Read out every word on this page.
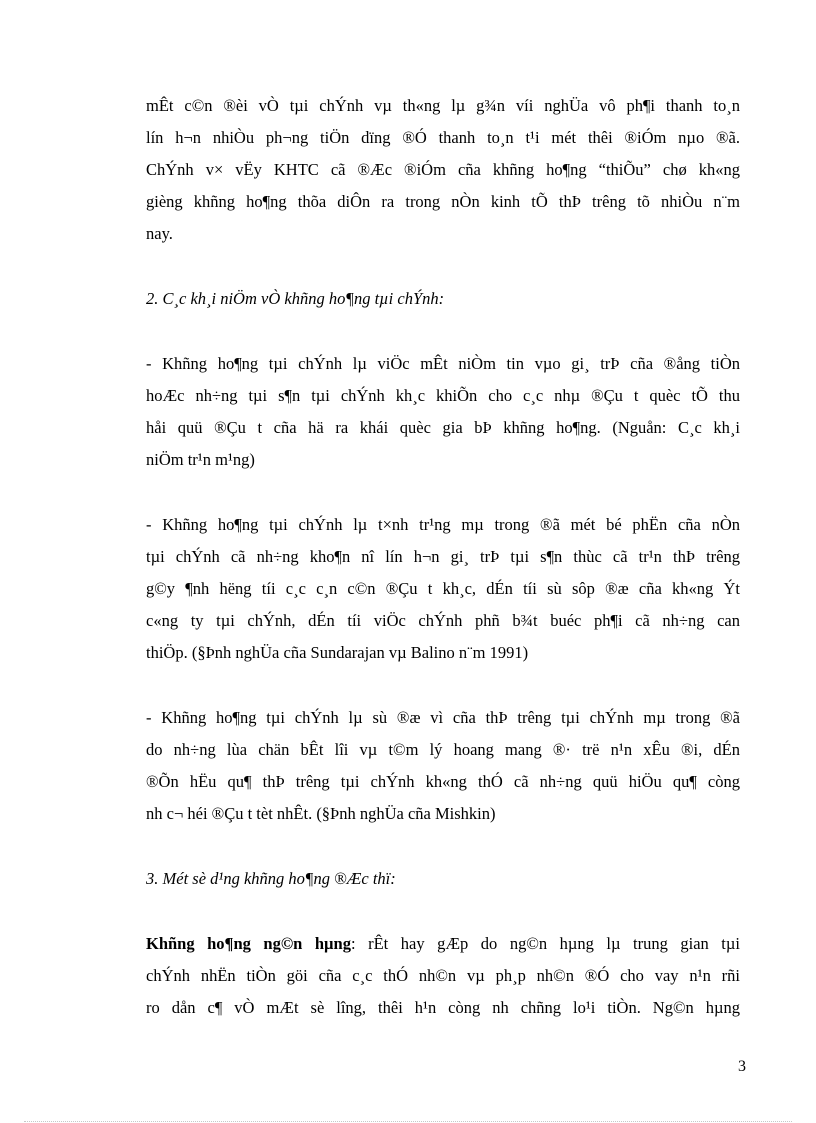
mÊt c©n ®èi vÒ tµi chÝnh vµ th«ng lµ g¾n víi nghÜa vô ph¶i thanh to¸n

lín h¬n nhiÒu ph¬ng tiÖn dïng ®Ó thanh to¸n t¹i mét thêi ®iÓm nµo ®ã.

ChÝnh v× vËy KHTC cã ®Æc ®iÓm cña khñng ho¶ng “thiÕu” chø kh«ng

gièng khñng ho¶ng thõa diÔn ra trong nÒn kinh tÕ thÞ trêng tõ nhiÒu n¨m

nay.

2. C¸c kh¸i niÖm vÒ khñng ho¶ng tµi chÝnh:

- Khñng ho¶ng tµi chÝnh lµ viÖc mÊt niÒm tin vµo gi¸ trÞ cña ®ång tiÒn

hoÆc nh÷ng tµi s¶n tµi chÝnh kh¸c khiÕn cho c¸c nhµ ®Çu t quèc tÕ thu

håi quü ®Çu t cña hä ra khái quèc gia bÞ khñng ho¶ng. (Nguån: C¸c kh¸i

niÖm tr¹n m¹ng)

- Khñng ho¶ng tµi chÝnh lµ t×nh tr¹ng mµ trong ®ã mét bé phËn cña nÒn

tµi chÝnh cã nh÷ng kho¶n nî lín h¬n gi¸ trÞ tµi s¶n thùc cã tr¹n thÞ trêng

g©y ¶nh hëng tíi c¸c c¸n c©n ®Çu t kh¸c, dÉn tíi sù sôp ®æ cña kh«ng Ýt

c«ng ty tµi chÝnh, dÉn tíi viÖc chÝnh phñ b¾t buéc ph¶i cã nh÷ng can

thiÖp. (§Þnh nghÜa cña Sundarajan vµ Balino n¨m 1991)

- Khñng ho¶ng tµi chÝnh lµ sù ®æ vì cña thÞ trêng tµi chÝnh mµ trong ®ã

do nh÷ng lùa chän bÊt lîi vµ t©m lý hoang mang ®· trë n¹n xÊu ®i, dÉn

®Õn hËu qu¶ thÞ trêng tµi chÝnh kh«ng thÓ cã nh÷ng quü hiÖu qu¶ còng

nh c¬ héi ®Çu t tèt nhÊt. (§Þnh nghÜa cña Mishkin)

3. Mét sè d¹ng khñng ho¶ng ®Æc thï:

Khñng ho¶ng ng©n hµng: rÊt hay gÆp do ng©n hµng lµ trung gian tµi

chÝnh nhËn tiÒn göi cña c¸c thÓ nh©n vµ ph¸p nh©n ®Ó cho vay n¹n rñi

ro dån c¶ vÒ mÆt sè lîng, thêi h¹n còng nh chñng lo¹i tiÒn. Ng©n hµng

3
